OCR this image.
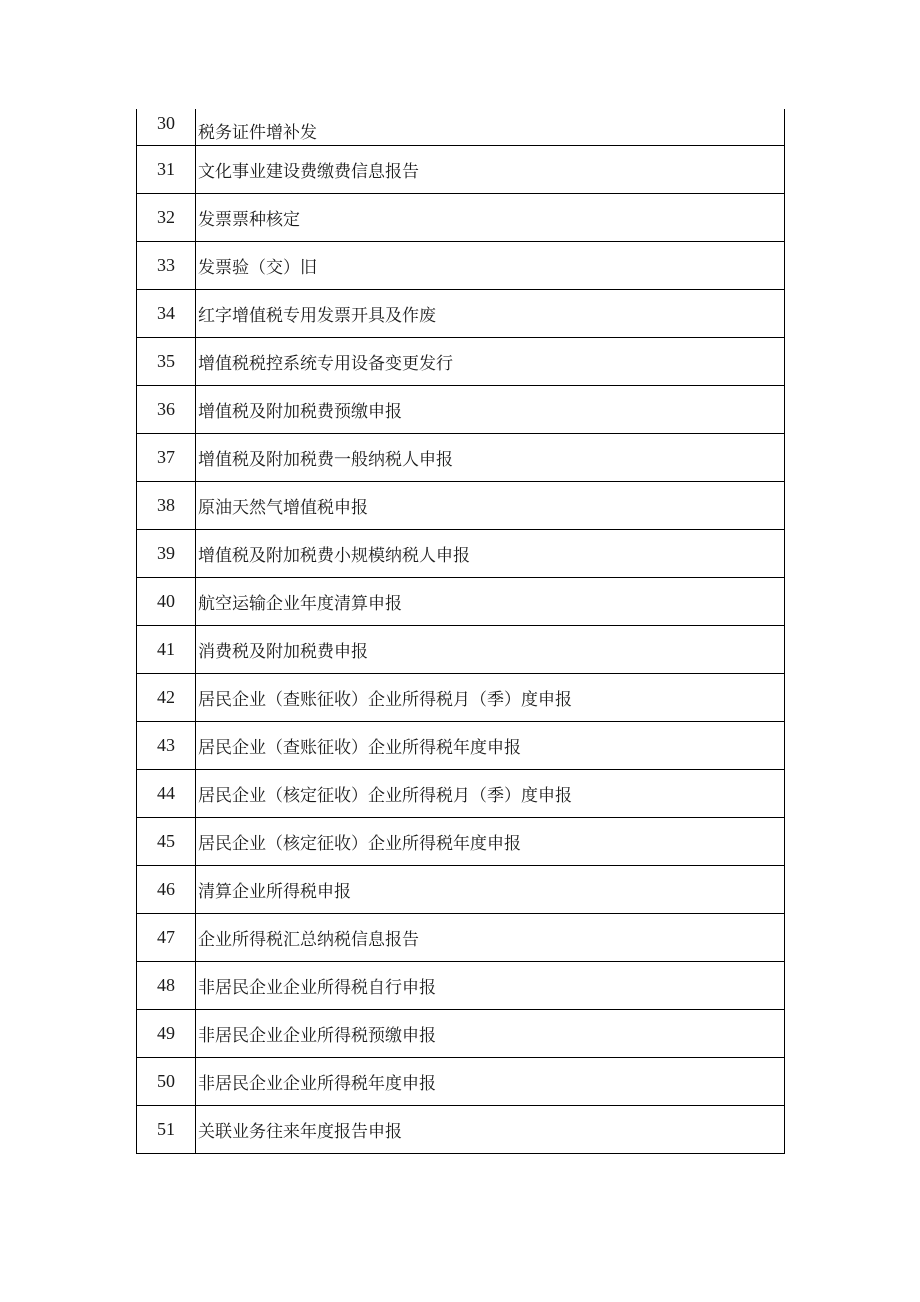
30	税务证件增补发
31	文化事业建设费缴费信息报告
32	发票票种核定
33	发票验（交）旧
34	红字增值税专用发票开具及作废
35	增值税税控系统专用设备变更发行
36	增值税及附加税费预缴申报
37	增值税及附加税费一般纳税人申报
38	原油天然气增值税申报
39	增值税及附加税费小规模纳税人申报
40	航空运输企业年度清算申报
41	消费税及附加税费申报
42	居民企业（查账征收）企业所得税月（季）度申报
43	居民企业（查账征收）企业所得税年度申报
44	居民企业（核定征收）企业所得税月（季）度申报
45	居民企业（核定征收）企业所得税年度申报
46	清算企业所得税申报
47	企业所得税汇总纳税信息报告
48	非居民企业企业所得税自行申报
49	非居民企业企业所得税预缴申报
50	非居民企业企业所得税年度申报
51	关联业务往来年度报告申报
